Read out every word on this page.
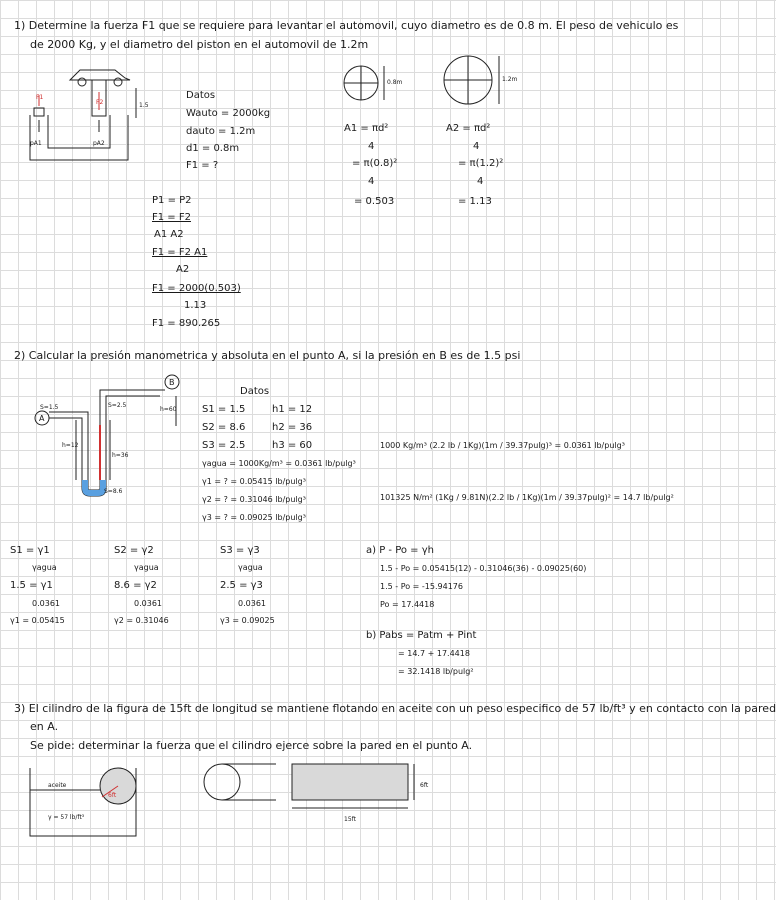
1) Determine la fuerza F1 que se requiere para levantar el automovil, cuyo diametro es de 0.8 m. El peso de vehiculo es
de 2000 Kg, y el diametro del piston en el automovil de 1.2m
F1
F2	1.5
pA1	pA2
0.8m	1.2m
Datos
Wauto = 2000kg
dauto = 1.2m
d1 = 0.8m
F1 = ?
A1 = πd²
4
= π(0.8)²
4
= 0.503
A2 = πd²
4
= π(1.2)²
4
= 1.13
P1 = P2
F1 = F2
A1 A2
F1 = F2 A1
A2
F1 = 2000(0.503)
1.13
F1 = 890.265
2) Calcular la presión manometrica y absoluta en el punto A, si la presión en B es de 1.5 psi
A
B
S=1.5	S=2.5
S=8.6
h=12
h=36
h=60
Datos
S1 = 1.5
S2 = 8.6
S3 = 2.5
h1 = 12
h2 = 36
h3 = 60
γagua = 1000Kg/m³ = 0.0361 lb/pulg³
γ1 = ? = 0.05415 lb/pulg³
γ2 = ? = 0.31046 lb/pulg³
γ3 = ? = 0.09025 lb/pulg³
1000 Kg/m³ (2.2 lb / 1Kg)(1m / 39.37pulg)³ = 0.0361 lb/pulg³
101325 N/m² (1Kg / 9.81N)(2.2 lb / 1Kg)(1m / 39.37pulg)² = 14.7 lb/pulg²
S1 = γ1
γagua
1.5 = γ1
0.0361
γ1 = 0.05415
S2 = γ2
γagua
8.6 = γ2
0.0361
γ2 = 0.31046
S3 = γ3
γagua
2.5 = γ3
0.0361
γ3 = 0.09025
a) P - Po = γh
1.5 - Po = 0.05415(12) - 0.31046(36) - 0.09025(60)
1.5 - Po = -15.94176
Po = 17.4418
b) Pabs = Patm + Pint
= 14.7 + 17.4418
= 32.1418 lb/pulg²
3) El cilindro de la figura de 15ft de longitud se mantiene flotando en aceite con un peso especifico de 57 lb/ft³ y en contacto con la pared
en A.
Se pide: determinar la fuerza que el cilindro ejerce sobre la pared en el punto A.
aceite
γ = 57 lb/ft³
6ft
6ft
15ft
